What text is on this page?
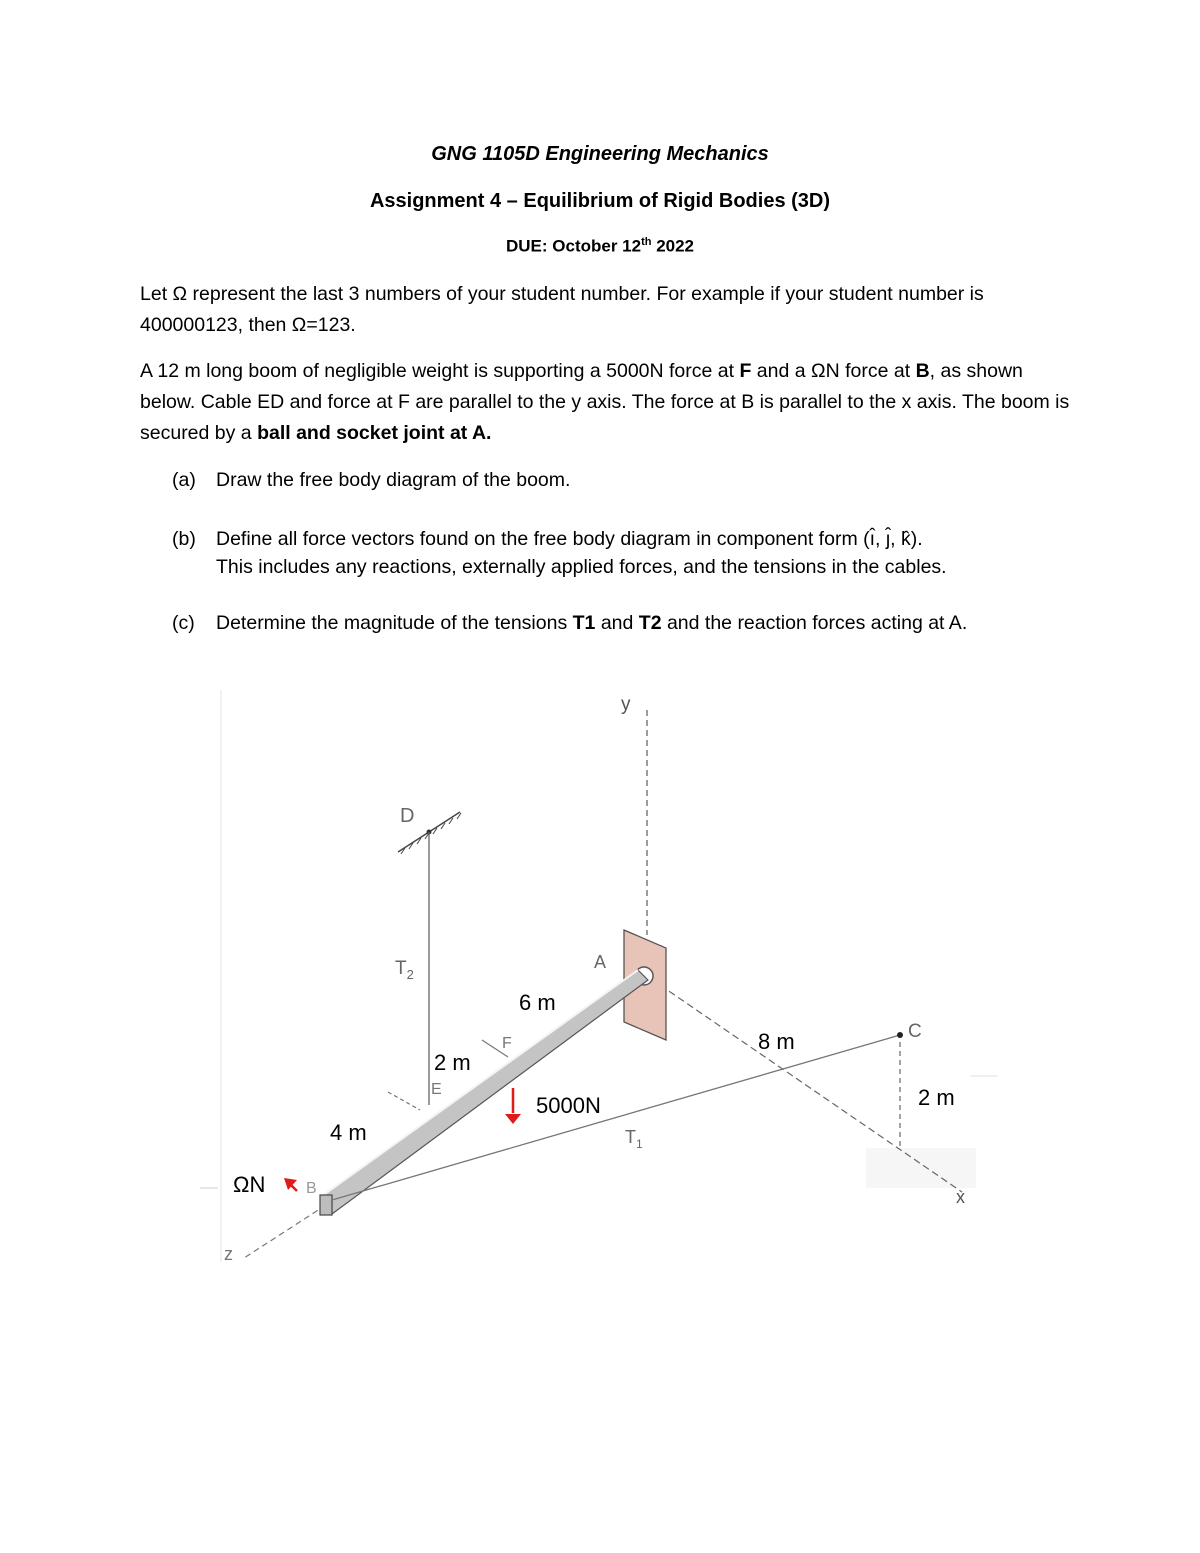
GNG 1105D Engineering Mechanics
Assignment 4 – Equilibrium of Rigid Bodies (3D)
DUE: October 12th 2022
Let Ω represent the last 3 numbers of your student number. For example if your student number is 400000123, then Ω=123.
A 12 m long boom of negligible weight is supporting a 5000N force at F and a ΩN force at B, as shown below. Cable ED and force at F are parallel to the y axis. The force at B is parallel to the x axis. The boom is secured by a ball and socket joint at A.
(a) Draw the free body diagram of the boom.
(b) Define all force vectors found on the free body diagram in component form (ı̂, ȷ̂, k̂).
This includes any reactions, externally applied forces, and the tensions in the cables.
(c) Determine the magnitude of the tensions T1 and T2 and the reaction forces acting at A.
y
x
z
D
$T_2$
C
$T_1$
2 m
8 m
6 m
A
F
2 m
E
4 m
5000N
ΩN	B
